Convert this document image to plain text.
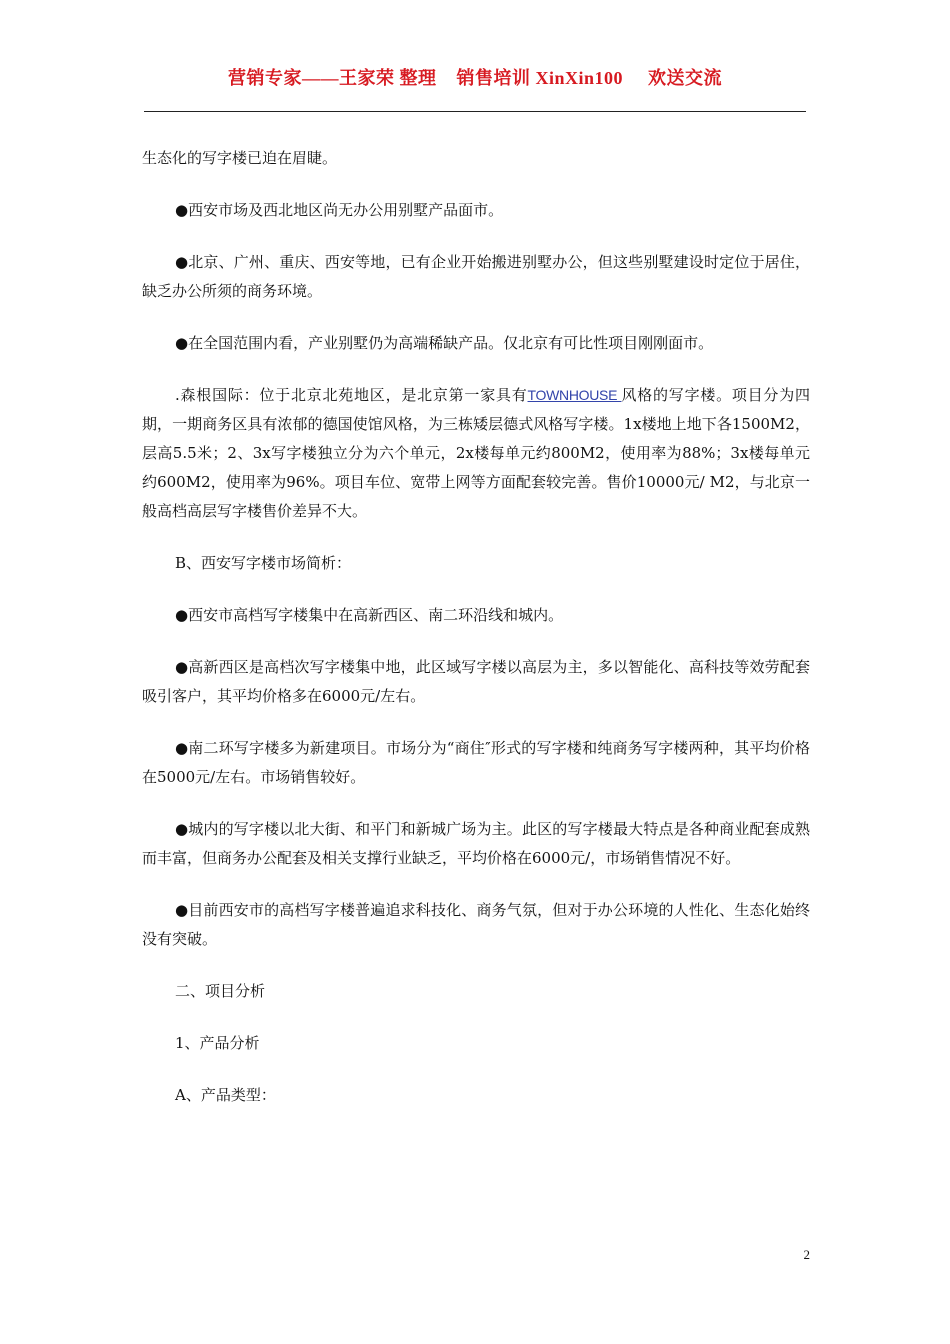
营销专家——王家荣 整理    销售培训 XinXin100     欢送交流

生态化的写字楼已迫在眉睫。

●西安市场及西北地区尚无办公用别墅产品面市。

●北京、广州、重庆、西安等地，已有企业开始搬进别墅办公，但这些别墅建设时定位于居住，缺乏办公所须的商务环境。

●在全国范围内看，产业别墅仍为高端稀缺产品。仅北京有可比性项目刚刚面市。

.森根国际：位于北京北苑地区，是北京第一家具有TOWNHOUSE 风格的写字楼。项目分为四期，一期商务区具有浓郁的德国使馆风格，为三栋矮层德式风格写字楼。1x楼地上地下各1500M2，层高5.5米；2、3x写字楼独立分为六个单元，2x楼每单元约800M2，使用率为88%；3x楼每单元约600M2，使用率为96%。项目车位、宽带上网等方面配套较完善。售价10000元/ M2，与北京一般高档高层写字楼售价差异不大。

B、西安写字楼市场简析：

●西安市高档写字楼集中在高新西区、南二环沿线和城内。

●高新西区是高档次写字楼集中地，此区域写字楼以高层为主，多以智能化、高科技等效劳配套吸引客户，其平均价格多在6000元/左右。

●南二环写字楼多为新建项目。市场分为“商住″形式的写字楼和纯商务写字楼两种，其平均价格在5000元/左右。市场销售较好。

●城内的写字楼以北大街、和平门和新城广场为主。此区的写字楼最大特点是各种商业配套成熟而丰富，但商务办公配套及相关支撑行业缺乏，平均价格在6000元/，市场销售情况不好。

●目前西安市的高档写字楼普遍追求科技化、商务气氛，但对于办公环境的人性化、生态化始终没有突破。

二、项目分析

1、产品分析

A、产品类型：

2
